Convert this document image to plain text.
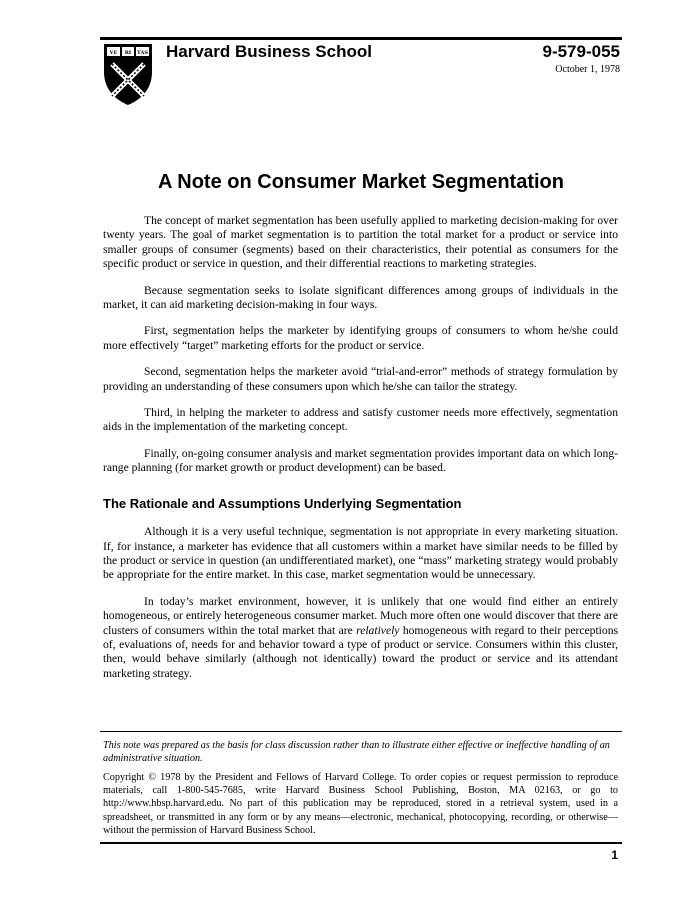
VE RI TAS Harvard Business School	9-579-055
October 1, 1978
A Note on Consumer Market Segmentation

The concept of market segmentation has been usefully applied to marketing decision-making for over twenty years. The goal of market segmentation is to partition the total market for a product or service into smaller groups of consumer (segments) based on their characteristics, their potential as consumers for the specific product or service in question, and their differential reactions to marketing strategies.

Because segmentation seeks to isolate significant differences among groups of individuals in the market, it can aid marketing decision-making in four ways.

First, segmentation helps the marketer by identifying groups of consumers to whom he/she could more effectively “target” marketing efforts for the product or service.

Second, segmentation helps the marketer avoid “trial-and-error” methods of strategy formulation by providing an understanding of these consumers upon which he/she can tailor the strategy.

Third, in helping the marketer to address and satisfy customer needs more effectively, segmentation aids in the implementation of the marketing concept.

Finally, on-going consumer analysis and market segmentation provides important data on which long-range planning (for market growth or product development) can be based.

The Rationale and Assumptions Underlying Segmentation

Although it is a very useful technique, segmentation is not appropriate in every marketing situation. If, for instance, a marketer has evidence that all customers within a market have similar needs to be filled by the product or service in question (an undifferentiated market), one “mass” marketing strategy would probably be appropriate for the entire market. In this case, market segmentation would be unnecessary.

In today’s market environment, however, it is unlikely that one would find either an entirely homogeneous, or entirely heterogeneous consumer market. Much more often one would discover that there are clusters of consumers within the total market that are relatively homogeneous with regard to their perceptions of, evaluations of, needs for and behavior toward a type of product or service. Consumers within this cluster, then, would behave similarly (although not identically) toward the product or service and its attendant marketing strategy.

This note was prepared as the basis for class discussion rather than to illustrate either effective or ineffective handling of an administrative situation.
Copyright © 1978 by the President and Fellows of Harvard College. To order copies or request permission to reproduce materials, call 1-800-545-7685, write Harvard Business School Publishing, Boston, MA 02163, or go to http://www.hbsp.harvard.edu. No part of this publication may be reproduced, stored in a retrieval system, used in a spreadsheet, or transmitted in any form or by any means—electronic, mechanical, photocopying, recording, or otherwise—without the permission of Harvard Business School.
1
